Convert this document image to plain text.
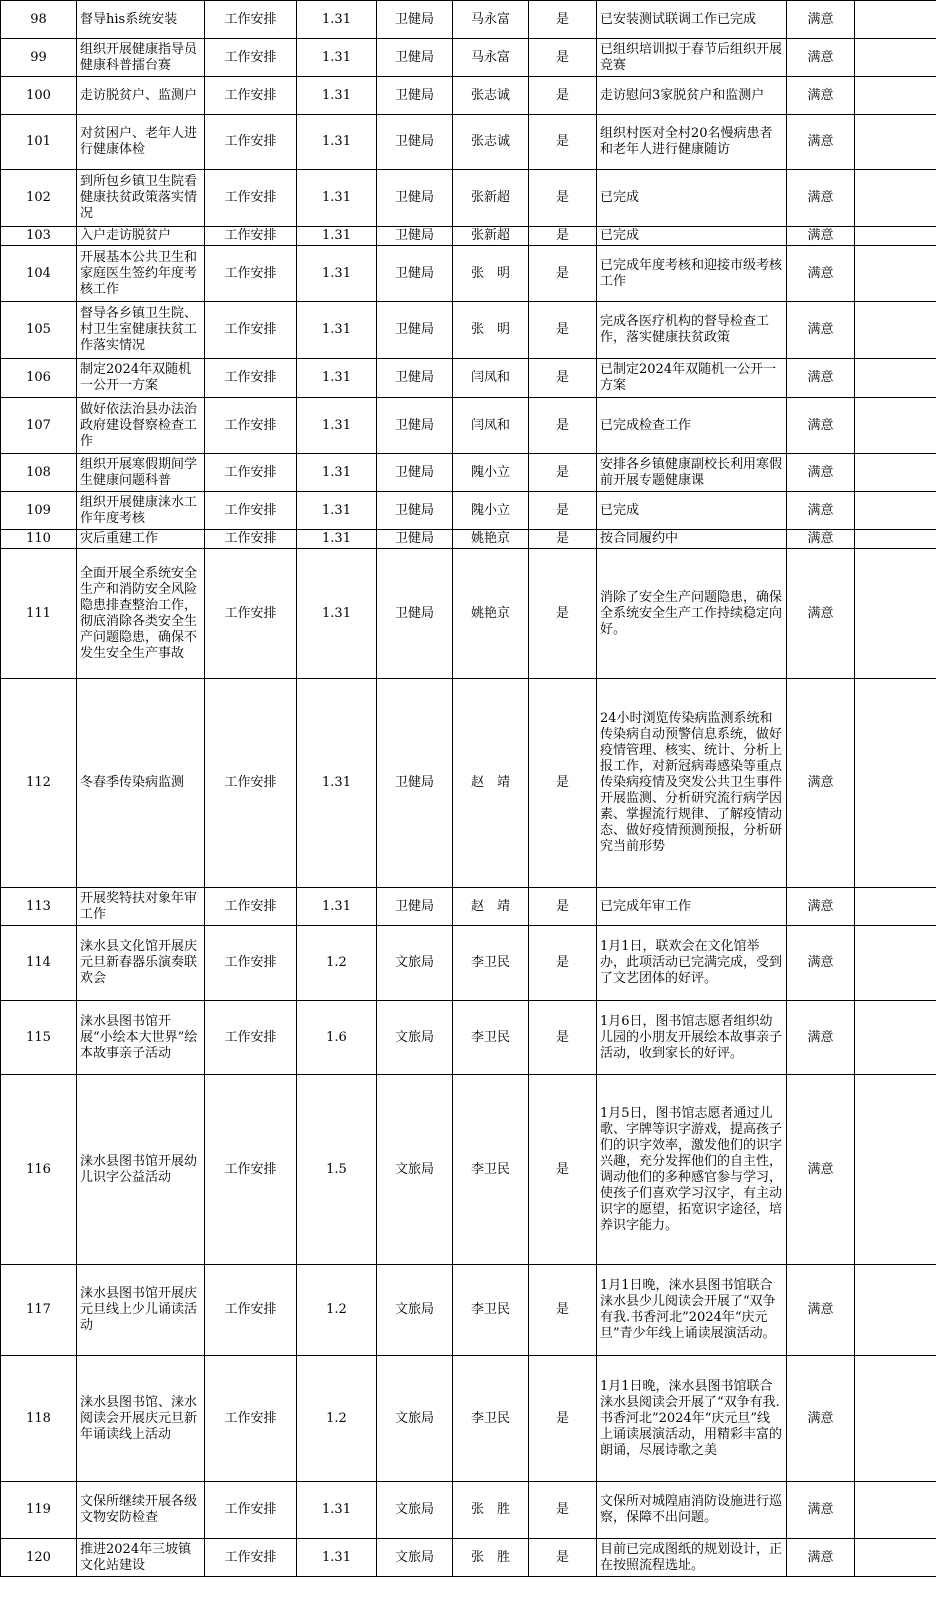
98	督导his系统安装	工作安排	1.31	卫健局	马永富	是	已安装测试联调工作已完成	满意	
99	组织开展健康指导员健康科普擂台赛	工作安排	1.31	卫健局	马永富	是	已组织培训拟于春节后组织开展竞赛	满意	
100	走访脱贫户、监测户	工作安排	1.31	卫健局	张志诚	是	走访慰问3家脱贫户和监测户	满意	
101	对贫困户、老年人进行健康体检	工作安排	1.31	卫健局	张志诚	是	组织村医对全村20名慢病患者和老年人进行健康随访	满意	
102	到所包乡镇卫生院看健康扶贫政策落实情况	工作安排	1.31	卫健局	张新超	是	已完成	满意	
103	入户走访脱贫户	工作安排	1.31	卫健局	张新超	是	已完成	满意	
104	开展基本公共卫生和家庭医生签约年度考核工作	工作安排	1.31	卫健局	张　明	是	已完成年度考核和迎接市级考核工作	满意	
105	督导各乡镇卫生院、村卫生室健康扶贫工作落实情况	工作安排	1.31	卫健局	张　明	是	完成各医疗机构的督导检查工作，落实健康扶贫政策	满意	
106	制定2024年双随机一公开一方案	工作安排	1.31	卫健局	闫凤和	是	已制定2024年双随机一公开一方案	满意	
107	做好依法治县办法治政府建设督察检查工作	工作安排	1.31	卫健局	闫凤和	是	已完成检查工作	满意	
108	组织开展寒假期间学生健康问题科普	工作安排	1.31	卫健局	隗小立	是	安排各乡镇健康副校长利用寒假前开展专题健康课	满意	
109	组织开展健康涞水工作年度考核	工作安排	1.31	卫健局	隗小立	是	已完成	满意	
110	灾后重建工作	工作安排	1.31	卫健局	姚艳京	是	按合同履约中	满意	
111	全面开展全系统安全生产和消防安全风险隐患排查整治工作，彻底消除各类安全生产问题隐患，确保不发生安全生产事故	工作安排	1.31	卫健局	姚艳京	是	消除了安全生产问题隐患，确保全系统安全生产工作持续稳定向好。	满意	
112	冬春季传染病监测	工作安排	1.31	卫健局	赵　靖	是	24小时浏览传染病监测系统和传染病自动预警信息系统，做好疫情管理、核实、统计、分析上报工作，对新冠病毒感染等重点传染病疫情及突发公共卫生事件开展监测、分析研究流行病学因素、掌握流行规律、了解疫情动态、做好疫情预测预报，分析研究当前形势	满意	
113	开展奖特扶对象年审工作	工作安排	1.31	卫健局	赵　靖	是	已完成年审工作	满意	
114	涞水县文化馆开展庆元旦新春器乐演奏联欢会	工作安排	1.2	文旅局	李卫民	是	1月1日，联欢会在文化馆举办，此项活动已完满完成，受到了文艺团体的好评。	满意	
115	涞水县图书馆开展“小绘本大世界”绘本故事亲子活动	工作安排	1.6	文旅局	李卫民	是	1月6日，图书馆志愿者组织幼儿园的小朋友开展绘本故事亲子活动，收到家长的好评。	满意	
116	涞水县图书馆开展幼儿识字公益活动	工作安排	1.5	文旅局	李卫民	是	1月5日，图书馆志愿者通过儿歌、字牌等识字游戏，提高孩子们的识字效率，激发他们的识字兴趣，充分发挥他们的自主性，调动他们的多种感官参与学习，使孩子们喜欢学习汉字，有主动识字的愿望，拓宽识字途径，培养识字能力。	满意	
117	涞水县图书馆开展庆元旦线上少儿诵读活动	工作安排	1.2	文旅局	李卫民	是	1月1日晚，涞水县图书馆联合涞水县少儿阅读会开展了“双争有我.书香河北”2024年“庆元旦”青少年线上诵读展演活动。	满意	
118	涞水县图书馆、涞水阅读会开展庆元旦新年诵读线上活动	工作安排	1.2	文旅局	李卫民	是	1月1日晚，涞水县图书馆联合涞水县阅读会开展了“双争有我.书香河北”2024年“庆元旦”线上诵读展演活动，用精彩丰富的朗诵，尽展诗歌之美	满意	
119	文保所继续开展各级文物安防检查	工作安排	1.31	文旅局	张　胜	是	文保所对城隍庙消防设施进行巡察，保障不出问题。	满意	
120	推进2024年三坡镇文化站建设	工作安排	1.31	文旅局	张　胜	是	目前已完成图纸的规划设计，正在按照流程选址。	满意	
